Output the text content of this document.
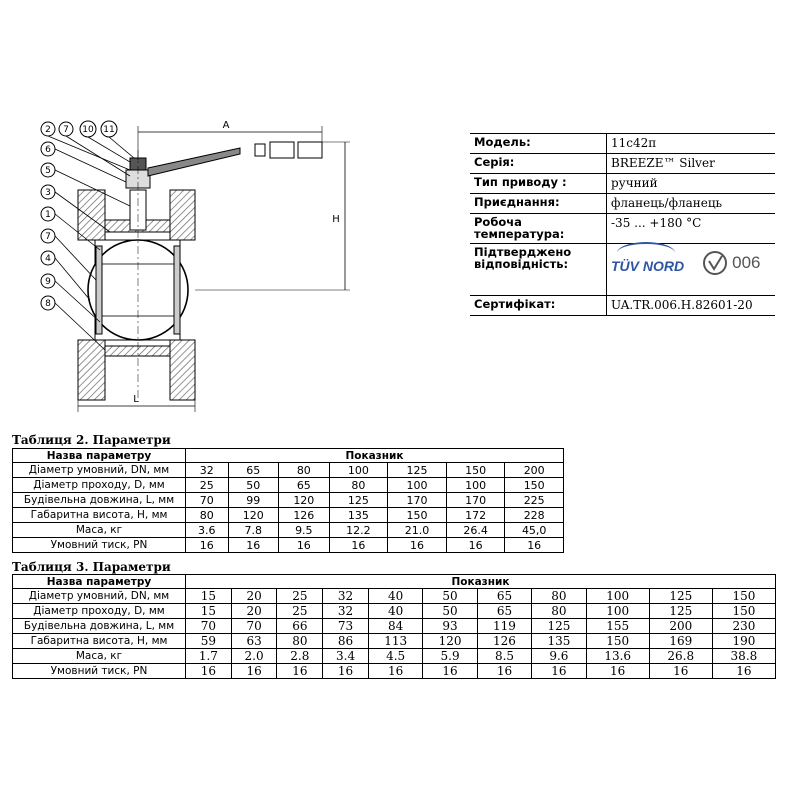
A
H
L
2 7 10 11
6
5
3
1
7
4
9
8
Модель:	11с42п
Серія:	BREEZE™ Silver
Тип приводу :	ручний
Приєднання:	фланець/фланець
Робоча температура:	-35 ... +180 °С
Підтверджено відповідність:	TÜV NORD 006

Сертифікат:	UA.TR.006.H.82601-20
Таблиця 2. Параметри
Назва параметру	Показник						
Діаметр умовний, DN, мм	32	65	80	100	125	150	200
Діаметр проходу, D, мм	25	50	65	80	100	100	150
Будівельна довжина, L, мм	70	99	120	125	170	170	225
Габаритна висота, H, мм	80	120	126	135	150	172	228
Маса, кг	3.6	7.8	9.5	12.2	21.0	26.4	45,0
Умовний тиск, PN	16	16	16	16	16	16	16
Таблиця 3. Параметри
Назва параметру	Показник										
Діаметр умовний, DN, мм	15	20	25	32	40	50	65	80	100	125	150
Діаметр проходу, D, мм	15	20	25	32	40	50	65	80	100	125	150
Будівельна довжина, L, мм	70	70	66	73	84	93	119	125	155	200	230
Габаритна висота, H, мм	59	63	80	86	113	120	126	135	150	169	190
Маса, кг	1.7	2.0	2.8	3.4	4.5	5.9	8.5	9.6	13.6	26.8	38.8
Умовний тиск, PN	16	16	16	16	16	16	16	16	16	16	16
